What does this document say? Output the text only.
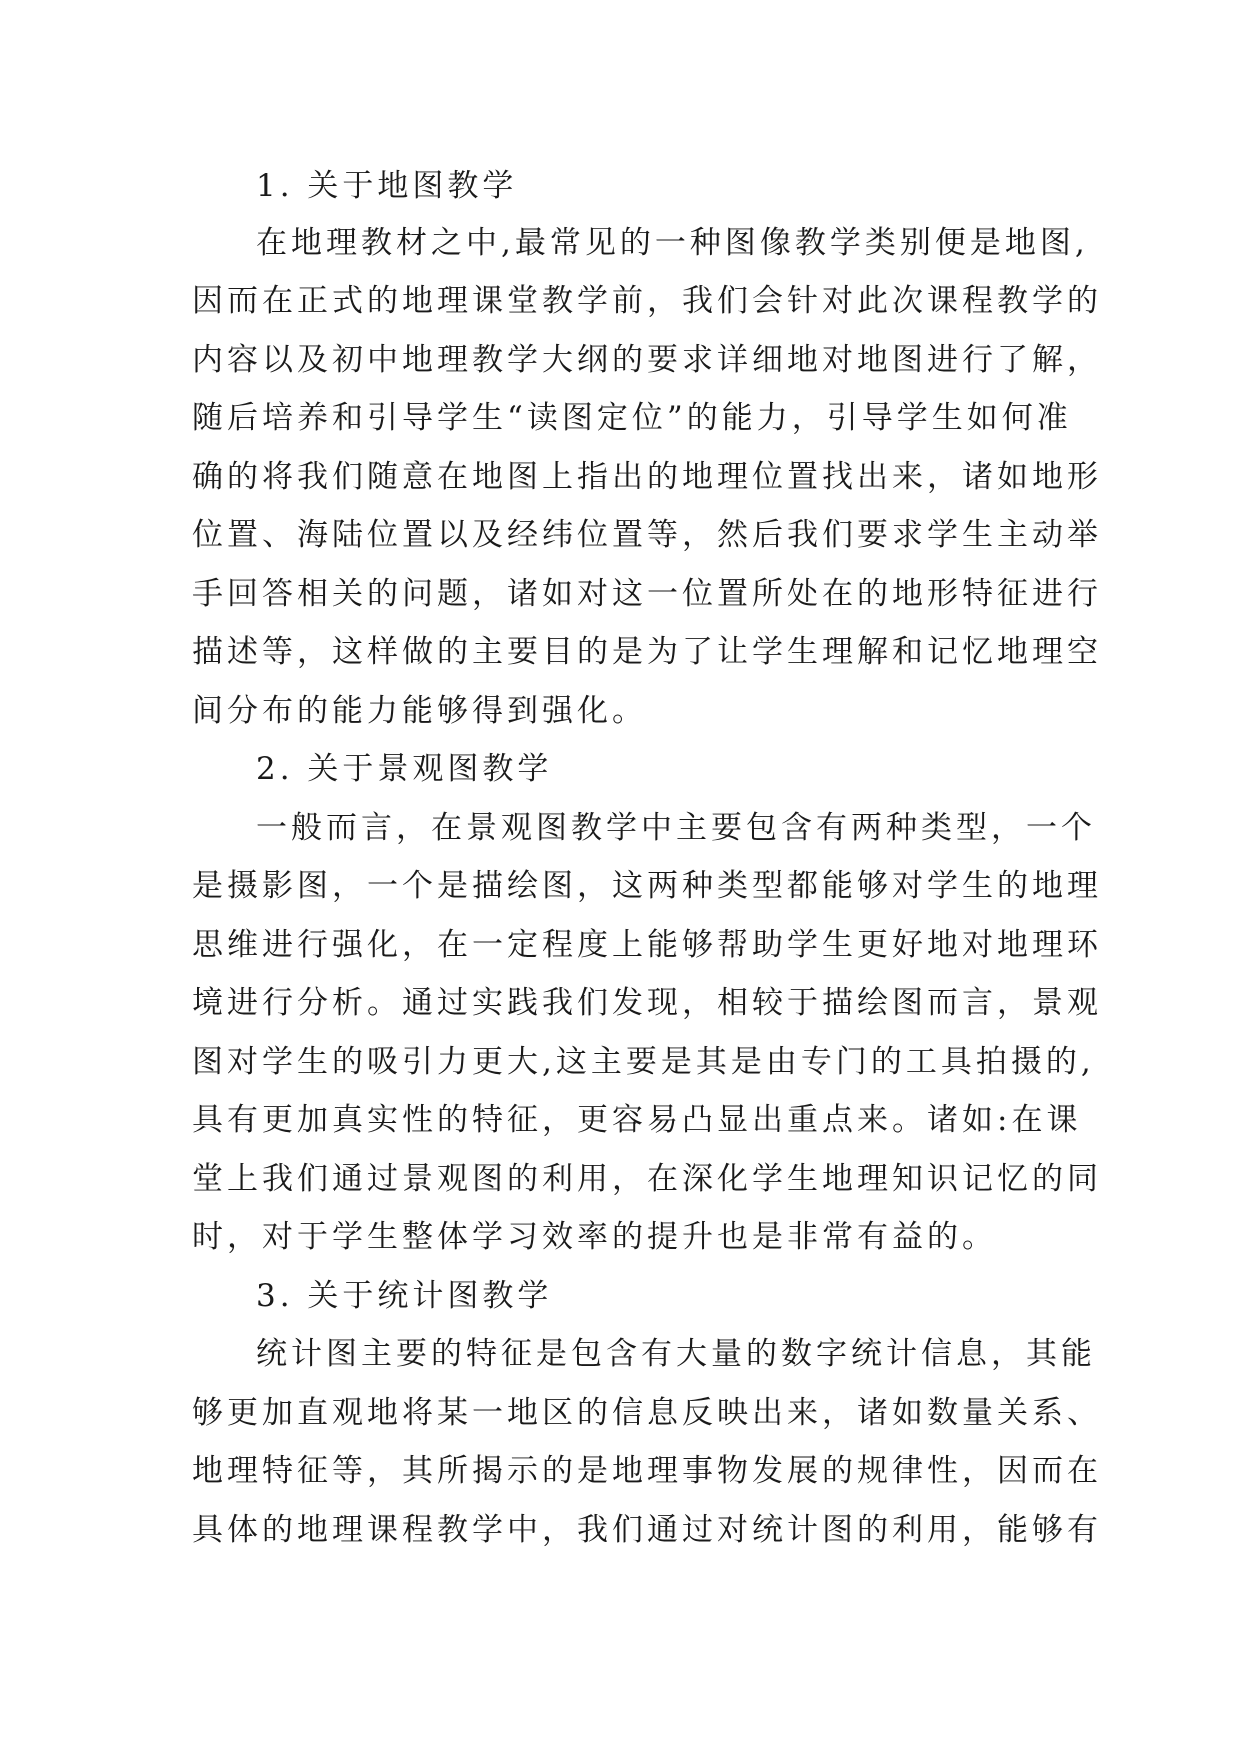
1. 关于地图教学
在地理教材之中,最常见的一种图像教学类别便是地图,
因而在正式的地理课堂教学前，我们会针对此次课程教学的
内容以及初中地理教学大纲的要求详细地对地图进行了解，
随后培养和引导学生“读图定位”的能力，引导学生如何准
确的将我们随意在地图上指出的地理位置找出来，诸如地形
位置、海陆位置以及经纬位置等，然后我们要求学生主动举
手回答相关的问题，诸如对这一位置所处在的地形特征进行
描述等，这样做的主要目的是为了让学生理解和记忆地理空
间分布的能力能够得到强化。
2. 关于景观图教学
一般而言，在景观图教学中主要包含有两种类型，一个
是摄影图，一个是描绘图，这两种类型都能够对学生的地理
思维进行强化，在一定程度上能够帮助学生更好地对地理环
境进行分析。通过实践我们发现，相较于描绘图而言，景观
图对学生的吸引力更大,这主要是其是由专门的工具拍摄的,
具有更加真实性的特征，更容易凸显出重点来。诸如:在课
堂上我们通过景观图的利用，在深化学生地理知识记忆的同
时，对于学生整体学习效率的提升也是非常有益的。
3. 关于统计图教学
统计图主要的特征是包含有大量的数字统计信息，其能
够更加直观地将某一地区的信息反映出来，诸如数量关系、
地理特征等，其所揭示的是地理事物发展的规律性，因而在
具体的地理课程教学中，我们通过对统计图的利用，能够有
